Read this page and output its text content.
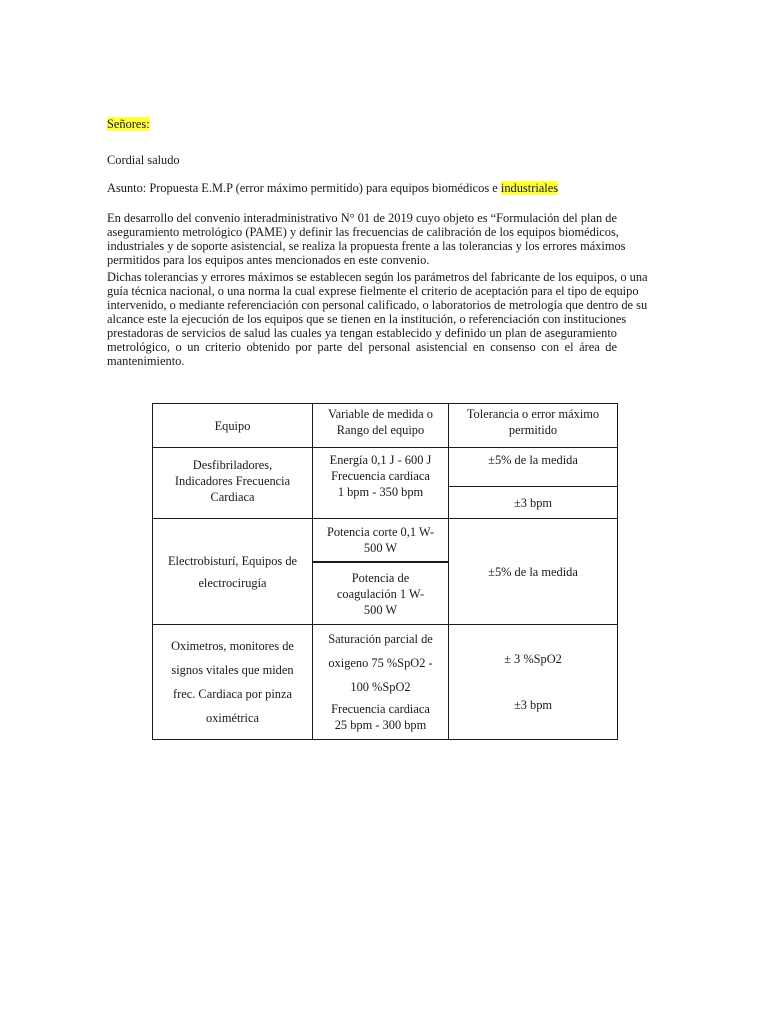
Señores:
Cordial saludo
Asunto: Propuesta E.M.P (error máximo permitido) para equipos biomédicos e industriales
En desarrollo del convenio interadministrativo N° 01 de 2019 cuyo objeto es “Formulación del plan de
aseguramiento metrológico (PAME) y definir las frecuencias de calibración de los equipos biomédicos,
industriales y de soporte asistencial, se realiza la propuesta frente a las tolerancias y los errores máximos
permitidos para los equipos antes mencionados en este convenio.
Dichas tolerancias y errores máximos se establecen según los parámetros del fabricante de los equipos, o una
guía técnica nacional, o una norma la cual exprese fielmente el criterio de aceptación para el tipo de equipo
intervenido, o mediante referenciación con personal calificado, o laboratorios de metrología que dentro de su
alcance este la ejecución de los equipos que se tienen en la institución, o referenciación con instituciones
prestadoras de servicios de salud las cuales ya tengan establecido y definido un plan de aseguramiento
metrológico, o un criterio obtenido por parte del personal asistencial en consenso con el área de
mantenimiento.
Equipo
Variable de medida o
Rango del equipo
Tolerancia o error máximo
permitido
Desfibriladores,
Indicadores Frecuencia
Cardiaca
Energía 0,1 J - 600 J
Frecuencia cardiaca
1 bpm - 350 bpm
±5% de la medida
±3 bpm
Electrobisturí, Equipos de
electrocirugía
Potencia corte 0,1 W-
500 W
Potencia de
coagulación 1 W-
500 W
±5% de la medida
Oximetros, monitores de
signos vitales que miden
frec. Cardiaca por pinza
oximétrica
Saturación parcial de
oxigeno 75 %SpO2 -
100 %SpO2
Frecuencia cardiaca
25 bpm - 300 bpm
± 3 %SpO2
±3 bpm
